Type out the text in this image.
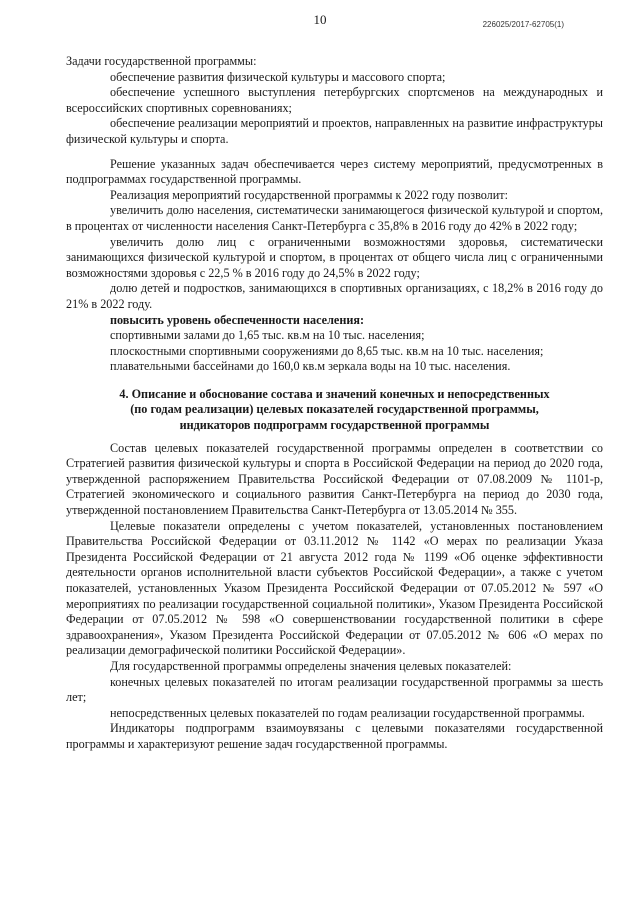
10	226025/2017-62705(1)

Задачи государственной программы:

обеспечение развития физической культуры и массового спорта;

обеспечение успешного выступления петербургских спортсменов на международных и всероссийских спортивных соревнованиях;

обеспечение реализации мероприятий и проектов, направленных на развитие инфраструктуры физической культуры и спорта.

Решение указанных задач обеспечивается через систему мероприятий, предусмотренных в подпрограммах государственной программы.

Реализация мероприятий государственной программы к 2022 году позволит:

увеличить долю населения, систематически занимающегося физической культурой и спортом, в процентах от численности населения Санкт-Петербурга с 35,8% в 2016 году до 42% в 2022 году;

увеличить долю лиц с ограниченными возможностями здоровья, систематически занимающихся физической культурой и спортом, в процентах от общего числа лиц с ограниченными возможностями здоровья с 22,5 % в 2016 году до 24,5% в 2022 году;

долю детей и подростков, занимающихся в спортивных организациях, с 18,2% в 2016 году до 21% в 2022 году.

повысить уровень обеспеченности населения:

спортивными залами до 1,65 тыс. кв.м на 10 тыс. населения;

плоскостными спортивными сооружениями до 8,65 тыс. кв.м на 10 тыс. населения;

плавательными бассейнами до 160,0 кв.м зеркала воды на 10 тыс. населения.

4. Описание и обоснование состава и значений конечных и непосредственных
(по годам реализации) целевых показателей государственной программы,
индикаторов подпрограмм государственной программы

Состав целевых показателей государственной программы определен в соответствии со Стратегией развития физической культуры и спорта в Российской Федерации на период до 2020 года, утвержденной распоряжением Правительства Российской Федерации от 07.08.2009 № 1101-р, Стратегией экономического и социального развития Санкт-Петербурга на период до 2030 года, утвержденной постановлением Правительства Санкт-Петербурга от 13.05.2014 № 355.

Целевые показатели определены с учетом показателей, установленных постановлением Правительства Российской Федерации от 03.11.2012 № 1142 «О мерах по реализации Указа Президента Российской Федерации от 21 августа 2012 года № 1199 «Об оценке эффективности деятельности органов исполнительной власти субъектов Российской Федерации», а также с учетом показателей, установленных Указом Президента Российской Федерации от 07.05.2012 № 597 «О мероприятиях по реализации государственной социальной политики», Указом Президента Российской Федерации от 07.05.2012 № 598 «О совершенствовании государственной политики в сфере здравоохранения», Указом Президента Российской Федерации от 07.05.2012 № 606 «О мерах по реализации демографической политики Российской Федерации».

Для государственной программы определены значения целевых показателей:

конечных целевых показателей по итогам реализации государственной программы за шесть лет;

непосредственных целевых показателей по годам реализации государственной программы.

Индикаторы подпрограмм взаимоувязаны с целевыми показателями государственной программы и характеризуют решение задач государственной программы.
